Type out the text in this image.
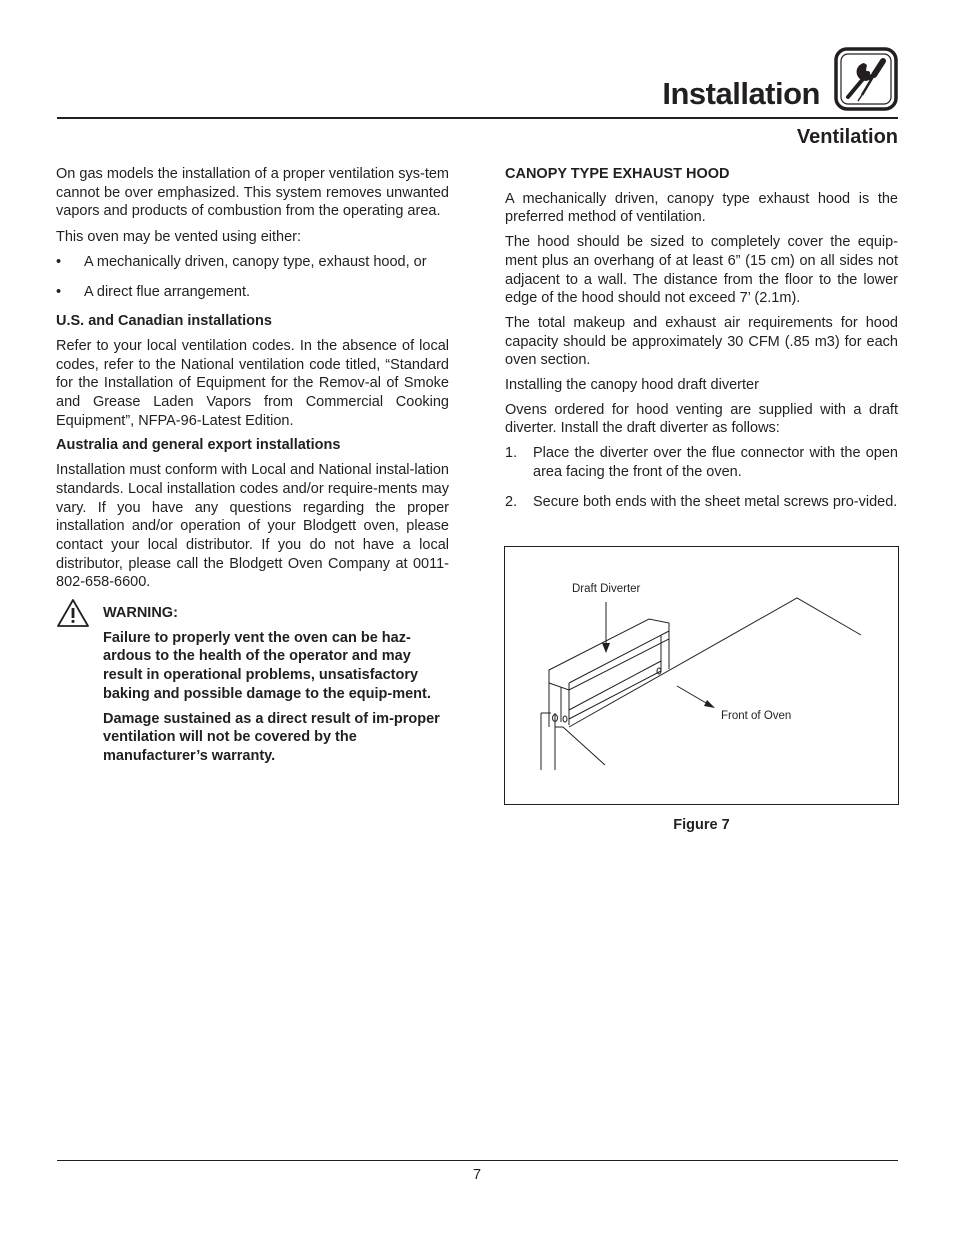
Installation
Ventilation

On gas models the installation of a proper ventilation sys-tem cannot be over emphasized. This system removes unwanted vapors and products of combustion from the operating area.

This oven may be vented using either:

• A mechanically driven, canopy type, exhaust hood, or
• A direct flue arrangement.

U.S. and Canadian installations

Refer to your local ventilation codes. In the absence of local codes, refer to the National ventilation code titled, “Standard for the Installation of Equipment for the Remov-al of Smoke and Grease Laden Vapors from Commercial Cooking Equipment”, NFPA-96-Latest Edition.

Australia and general export installations

Installation must conform with Local and National instal-lation standards. Local installation codes and/or require-ments may vary. If you have any questions regarding the proper installation and/or operation of your Blodgett oven, please contact your local distributor. If you do not have a local distributor, please call the Blodgett Oven Company at 0011-802-658-6600.

WARNING:

Failure to properly vent the oven can be haz-ardous to the health of the operator and may result in operational problems, unsatisfactory baking and possible damage to the equip-ment.

Damage sustained as a direct result of im-proper ventilation will not be covered by the manufacturer’s warranty.

CANOPY TYPE EXHAUST HOOD

A mechanically driven, canopy type exhaust hood is the preferred method of ventilation.

The hood should be sized to completely cover the equip-ment plus an overhang of at least 6” (15 cm) on all sides not adjacent to a wall. The distance from the floor to the lower edge of the hood should not exceed 7’ (2.1m).

The total makeup and exhaust air requirements for hood capacity should be approximately 30 CFM (.85 m3) for each oven section.

Installing the canopy hood draft diverter

Ovens ordered for hood venting are supplied with a draft diverter. Install the draft diverter as follows:

1. Place the diverter over the flue connector with the open area facing the front of the oven.
2. Secure both ends with the sheet metal screws pro-vided.
Draft Diverter
Front of Oven
Figure 7
7
